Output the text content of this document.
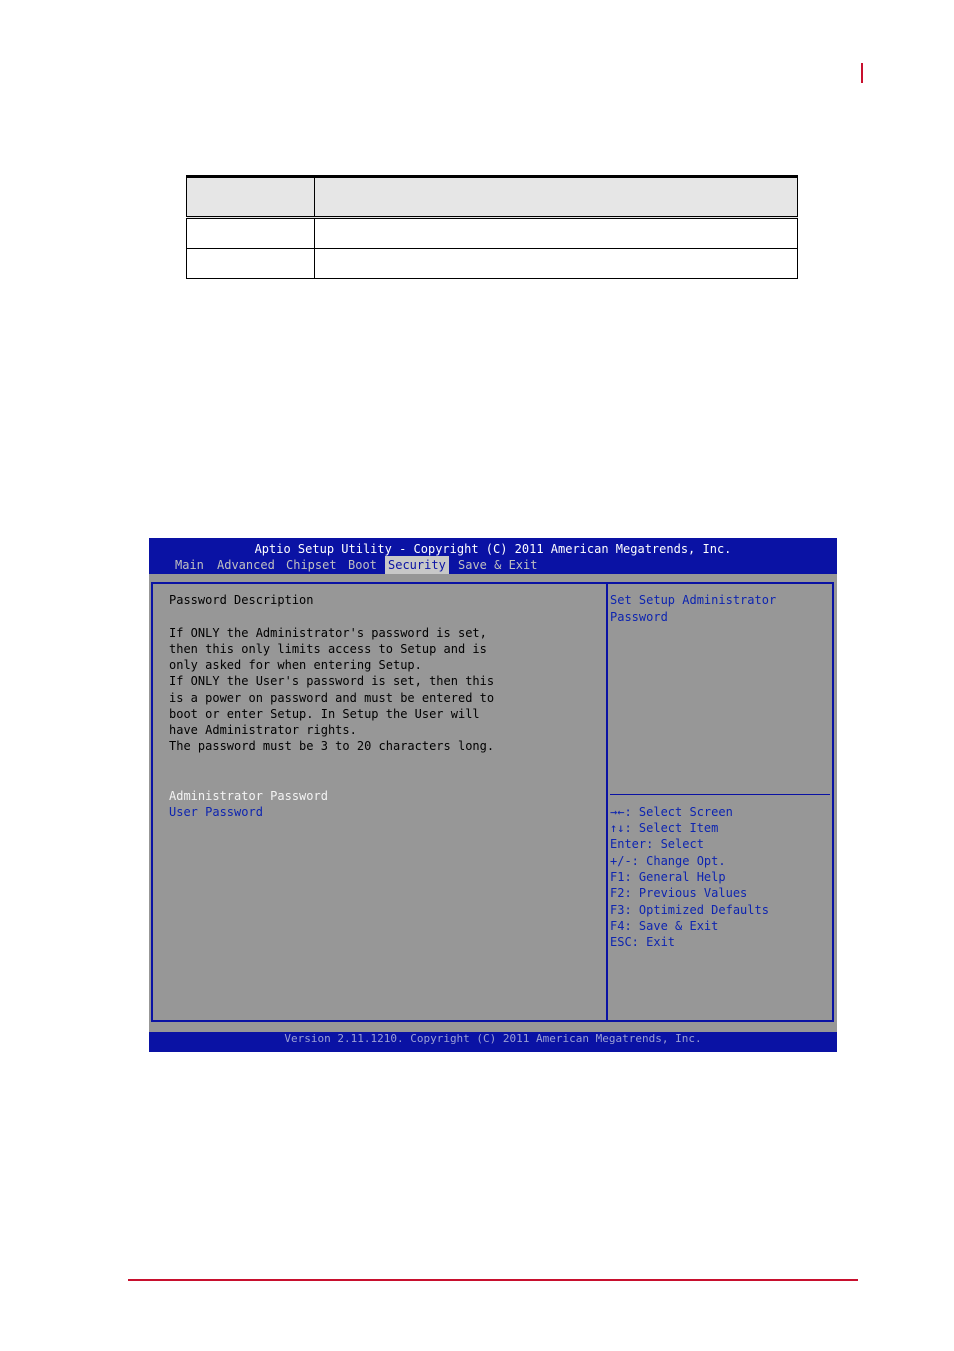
Aptio Setup Utility - Copyright (C) 2011 American Megatrends, Inc.
Main Advanced Chipset Boot Security Save & Exit
Password Description
If ONLY the Administrator's password is set,
then this only limits access to Setup and is
only asked for when entering Setup.
If ONLY the User's password is set, then this
is a power on password and must be entered to
boot or enter Setup. In Setup the User will
have Administrator rights.
The password must be 3 to 20 characters long.
Administrator Password
User Password
Set Setup Administrator
Password
→←: Select Screen
↑↓: Select Item
Enter: Select
+/-: Change Opt.
F1: General Help
F2: Previous Values
F3: Optimized Defaults
F4: Save & Exit
ESC: Exit
Version 2.11.1210. Copyright (C) 2011 American Megatrends, Inc.
